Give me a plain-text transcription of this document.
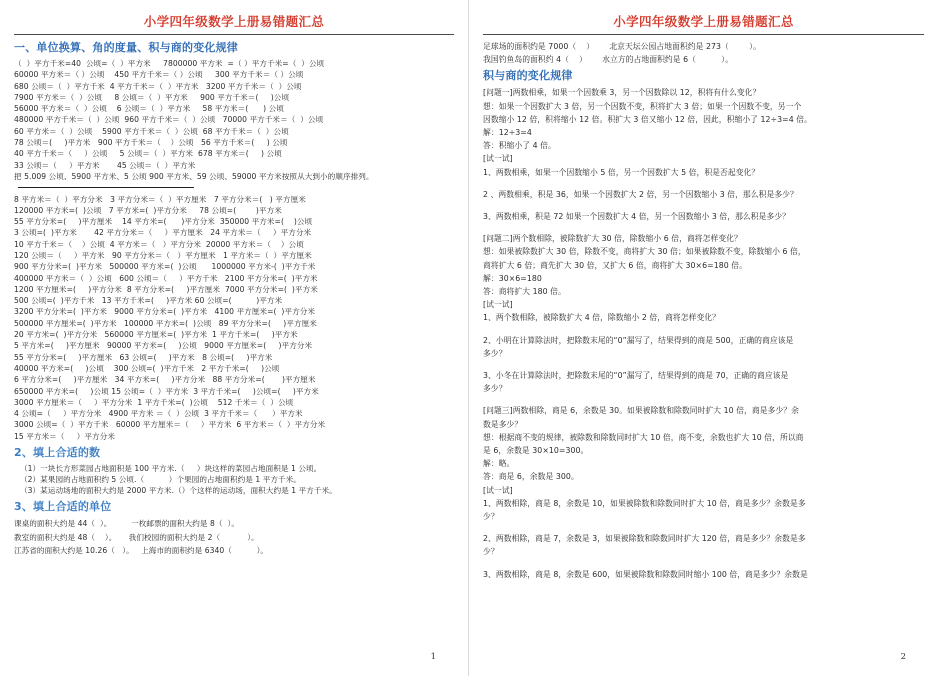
小学四年级数学上册易错题汇总
一、单位换算、角的度量、积与商的变化规律

（  ）平方千米=40  公顷=（  ）平方米     7800000 平方米  =（ ）平方千米=（  ）公顷

60000 平方米＝（ ）公顷    450 平方千米＝（ ）公顷     300 平方千米＝（ ）公顷

680 公顷＝（  ）平方千米  4 平方千米＝（  ）平方米   3200 平方千米＝（  ）公顷

7900 平方米＝（  ）公顷     8 公顷＝（  ）平方米     900 平方千米＝(     )公顷

56000 平方米＝（  ）公顷    6 公顷＝（  ）平方米     58 平方米＝(      ) 公顷

480000 平方千米＝（  ）公顷  960 平方千米＝（  ）公顷   70000 平方千米＝（  ）公顷

60 平方米＝（  ）公顷    5900 平方千米＝（  ）公顷  68 平方千米＝（  ）公顷

78 公顷＝(     )平方米   900 平方千米＝（    ）公顷   56 平方千米＝(     ) 公顷

40 平方千米＝（     ）公顷     5 公顷＝（  ）平方米  678 平方米＝(     ) 公顷

33 公顷＝（     ）平方米       45 公顷＝（  ）平方米

把 5.009 公顷、5900 平方米、5 公顷 900 平方米、59 公顷、59000 平方米按照从大到小的顺序排列。

8 平方米＝（  ）平方分米   3 平方分米＝（  ）平方厘米   7 平方分米＝(   ) 平方厘米

120000 平方米=(  )公顷   7 平方米=(  )平方分米     78 公顷=(        )平方米

55 平方分米=(     )平方厘米    14 平方米=(      )平方分米  350000 平方米=(    )公顷

3 公顷=(  )平方米       42 平方分米＝（     ）平方厘米   24 平方米＝（     ）平方分米

10 平方千米＝（    ）公顷  4 平方米＝（   ）平方分米  20000 平方米＝（    ）公顷

120 公顷＝（     ）平方米   90 平方分米＝（   ）平方厘米   1 平方米＝（  ）平方厘米

900 平方分米=(  )平方米   500000 平方米=(  )公顷      1000000 平方米-(  )平方千米

400000 平方米＝（  ）公顷   600 公顷＝（     ）平方千米   2100 平方分米=(  )平方米

1200 平方厘米=(     )平方分米  8 平方分米=(     )平方厘米  7000 平方分米=(  )平方米

500 公顷=(  )平方千米   13 平方千米=(     )平方米 60 公顷=(          )平方米

3200 平方分米=(  )平方米   9000 平方分米=(  )平方米   4100 平方厘米=(  )平方分米

500000 平方厘米=(  )平方米   100000 平方米=(  )公顷   89 平方分米=(     )平方厘米

20 平方米=(  )平方分米   560000 平方厘米=(  )平方米  1 平方千米=(     )平方米

5 平方米=(     )平方厘米   90000 平方米=(     )公顷   9000 平方厘米=(     )平方分米

55 平方分米=(     )平方厘米   63 公顷=(     )平方米   8 公顷=(     )平方米

40000 平方米=(     )公顷    300 公顷=(  )平方千米   2 平方千米=(     )公顷

6 平方分米=(     )平方厘米   34 平方米=(     )平方分米   88 平方分米=(       )平方厘米

650000 平方米=(     )公顷 15 公顷=（  ）平方米  3 平方千米=(     )公顷=(     )平方米

3000 平方厘米＝（     ）平方分米  1 平方千米=(  )公顷    512 千米＝（  ）公顷

4 公顷=（     ）平方分米   4900 平方米 ＝（  ）公顷  3 平方千米＝（      ）平方米

3000 公顷=（  ）平方千米   60000 平方厘米＝（     ）平方米  6 平方米＝（  ）平方分米

15 平方米＝（     ）平方分米

2、填上合适的数

（1）一块长方形菜园占地面积是 100 平方米.（     ）块这样的菜园占地面积是 1 公顷。

（2）某果园的占地面积约 5 公顷.（          ）个果园的占地面积约是 1 平方千米。

（3）某运动场地的面积大约是 2000 平方米.（）个这样的运动场，面积大约是 1 平方千米。

3、填上合适的单位

课桌的面积大约是 44（  ）。        一枚邮票的面积大约是 8（  ）。

教室的面积大约是 48（    ）。     我们校园的面积大约是 2（           ）。

江苏省的面积大约是 10.26（   ）。   上海市的面积约是 6340（          ）。

1
小学四年级数学上册易错题汇总

足球场的面积约是 7000（    ）      北京天坛公园占地面积约是 273（        ）。

我国钓鱼岛的面积约 4（    ）      水立方的占地面积约是 6（          ）。

积与商的变化规律

[问题一]两数相乘，如果一个因数乘 3，另一个因数除以 12，积将有什么变化？

想：如果一个因数扩大 3 倍，另一个因数不变，积将扩大 3 倍；如果一个因数不变，另一个

因数缩小 12 倍，积将缩小 12 倍。积扩大 3 倍又缩小 12 倍，因此，积缩小了 12÷3=4 倍。

解：12÷3=4

答：积缩小了 4 倍。

[试一试]

1、两数相乘，如果一个因数缩小 5 倍，另一个因数扩大 5 倍，积是否起变化？

2 、两数相乘，积是 36，如果一个因数扩大 2 倍，另一个因数缩小 3 倍，那么积是多少？

3、两数相乘，积是 72 如果一个因数扩大 4 倍，另一个因数缩小 3 倍，那么积是多少？

[问题二]两个数相除，被除数扩大 30 倍，除数缩小 6 倍，商将怎样变化？

想：如果被除数扩大 30 倍，除数不变，商将扩大 30 倍；如果被除数不变，除数缩小 6 倍，

商将扩大 6 倍；商先扩大 30 倍，又扩大 6 倍，商将扩大 30×6=180 倍。

解：30×6=180

答：商将扩大 180 倍。

[试一试]

1、两个数相除，被除数扩大 4 倍，除数缩小 2 倍，商将怎样变化？

2、小明在计算除法时，把除数末尾的“0”漏写了，结果得到的商是 500，正确的商应该是

多少？

3、小冬在计算除法时，把除数末尾的“0”漏写了，结果得到的商是 70，正确的商应该是

多少？

[问题三]两数相除，商是 6，余数是 30。如果被除数和除数同时扩大 10 倍，商是多少？余

数是多少？

想：根据商不变的规律，被除数和除数同时扩大 10 倍，商不变，余数也扩大 10 倍，所以商

是 6，余数是 30×10=300。

解：略。

答：商是 6，余数是 300。

[试一试]

1、两数相除，商是 8，余数是 10，如果被除数和除数同时扩大 10 倍，商是多少？余数是多

少？

2、两数相除，商是 7，余数是 3，如果被除数和除数同时扩大 120 倍，商是多少？余数是多

少？

3、两数相除，商是 8，余数是 600，如果被除数和除数同时缩小 100 倍，商是多少？余数是

2
